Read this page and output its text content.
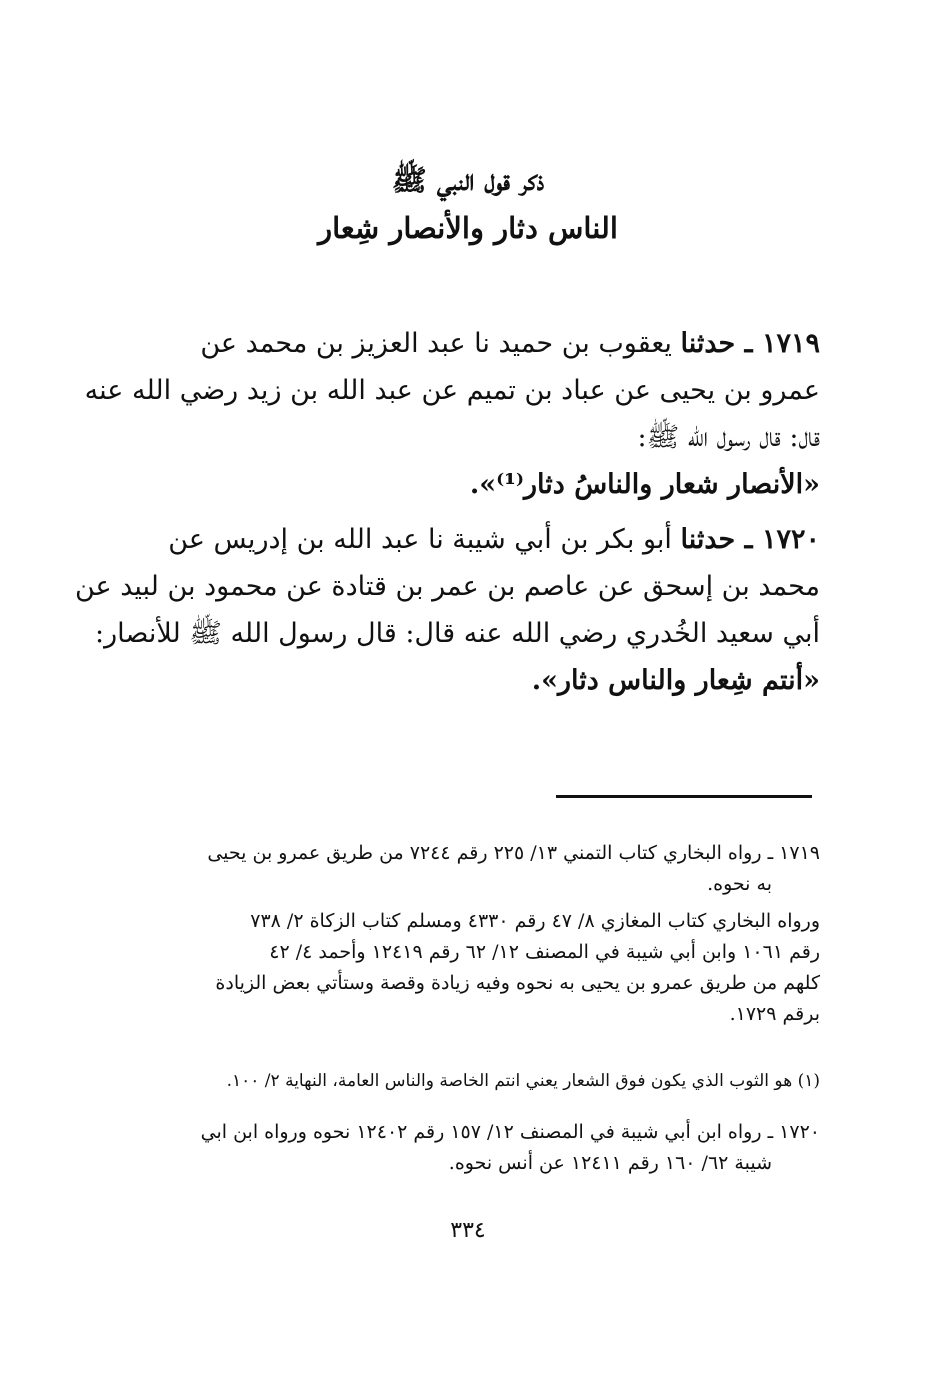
ذكر قول النبي ﷺ
الناس دثار والأنصار شِعار
١٧١٩ ـ حدثنا يعقوب بن حميد نا عبد العزيز بن محمد عن
عمرو بن يحيى عن عباد بن تميم عن عبد الله بن زيد رضي الله عنه
قال: قال رسول الله ﷺ:
«الأنصار شعار والناسُ دثار⁽¹⁾».
١٧٢٠ ـ حدثنا أبو بكر بن أبي شيبة نا عبد الله بن إدريس عن
محمد بن إسحق عن عاصم بن عمر بن قتادة عن محمود بن لبيد عن
أبي سعيد الخُدري رضي الله عنه قال: قال رسول الله ﷺ للأنصار:
«أنتم شِعار والناس دثار».
١٧١٩ ـ رواه البخاري كتاب التمني ١٣/ ٢٢٥ رقم ٧٢٤٤ من طريق عمرو بن يحيى
به نحوه.
ورواه البخاري كتاب المغازي ٨/ ٤٧ رقم ٤٣٣٠ ومسلم كتاب الزكاة ٢/ ٧٣٨
رقم ١٠٦١ وابن أبي شيبة في المصنف ١٢/ ٦٢ رقم ١٢٤١٩ وأحمد ٤/ ٤٢
كلهم من طريق عمرو بن يحيى به نحوه وفيه زيادة وقصة وستأتي بعض الزيادة
برقم ١٧٢٩.
(١) هو الثوب الذي يكون فوق الشعار يعني انتم الخاصة والناس العامة، النهاية ٢/ ١٠٠.
١٧٢٠ ـ رواه ابن أبي شيبة في المصنف ١٢/ ١٥٧ رقم ١٢٤٠٢ نحوه ورواه ابن ابي
شيبة ٦٢/ ١٦٠ رقم ١٢٤١١ عن أنس نحوه.
٣٣٤
